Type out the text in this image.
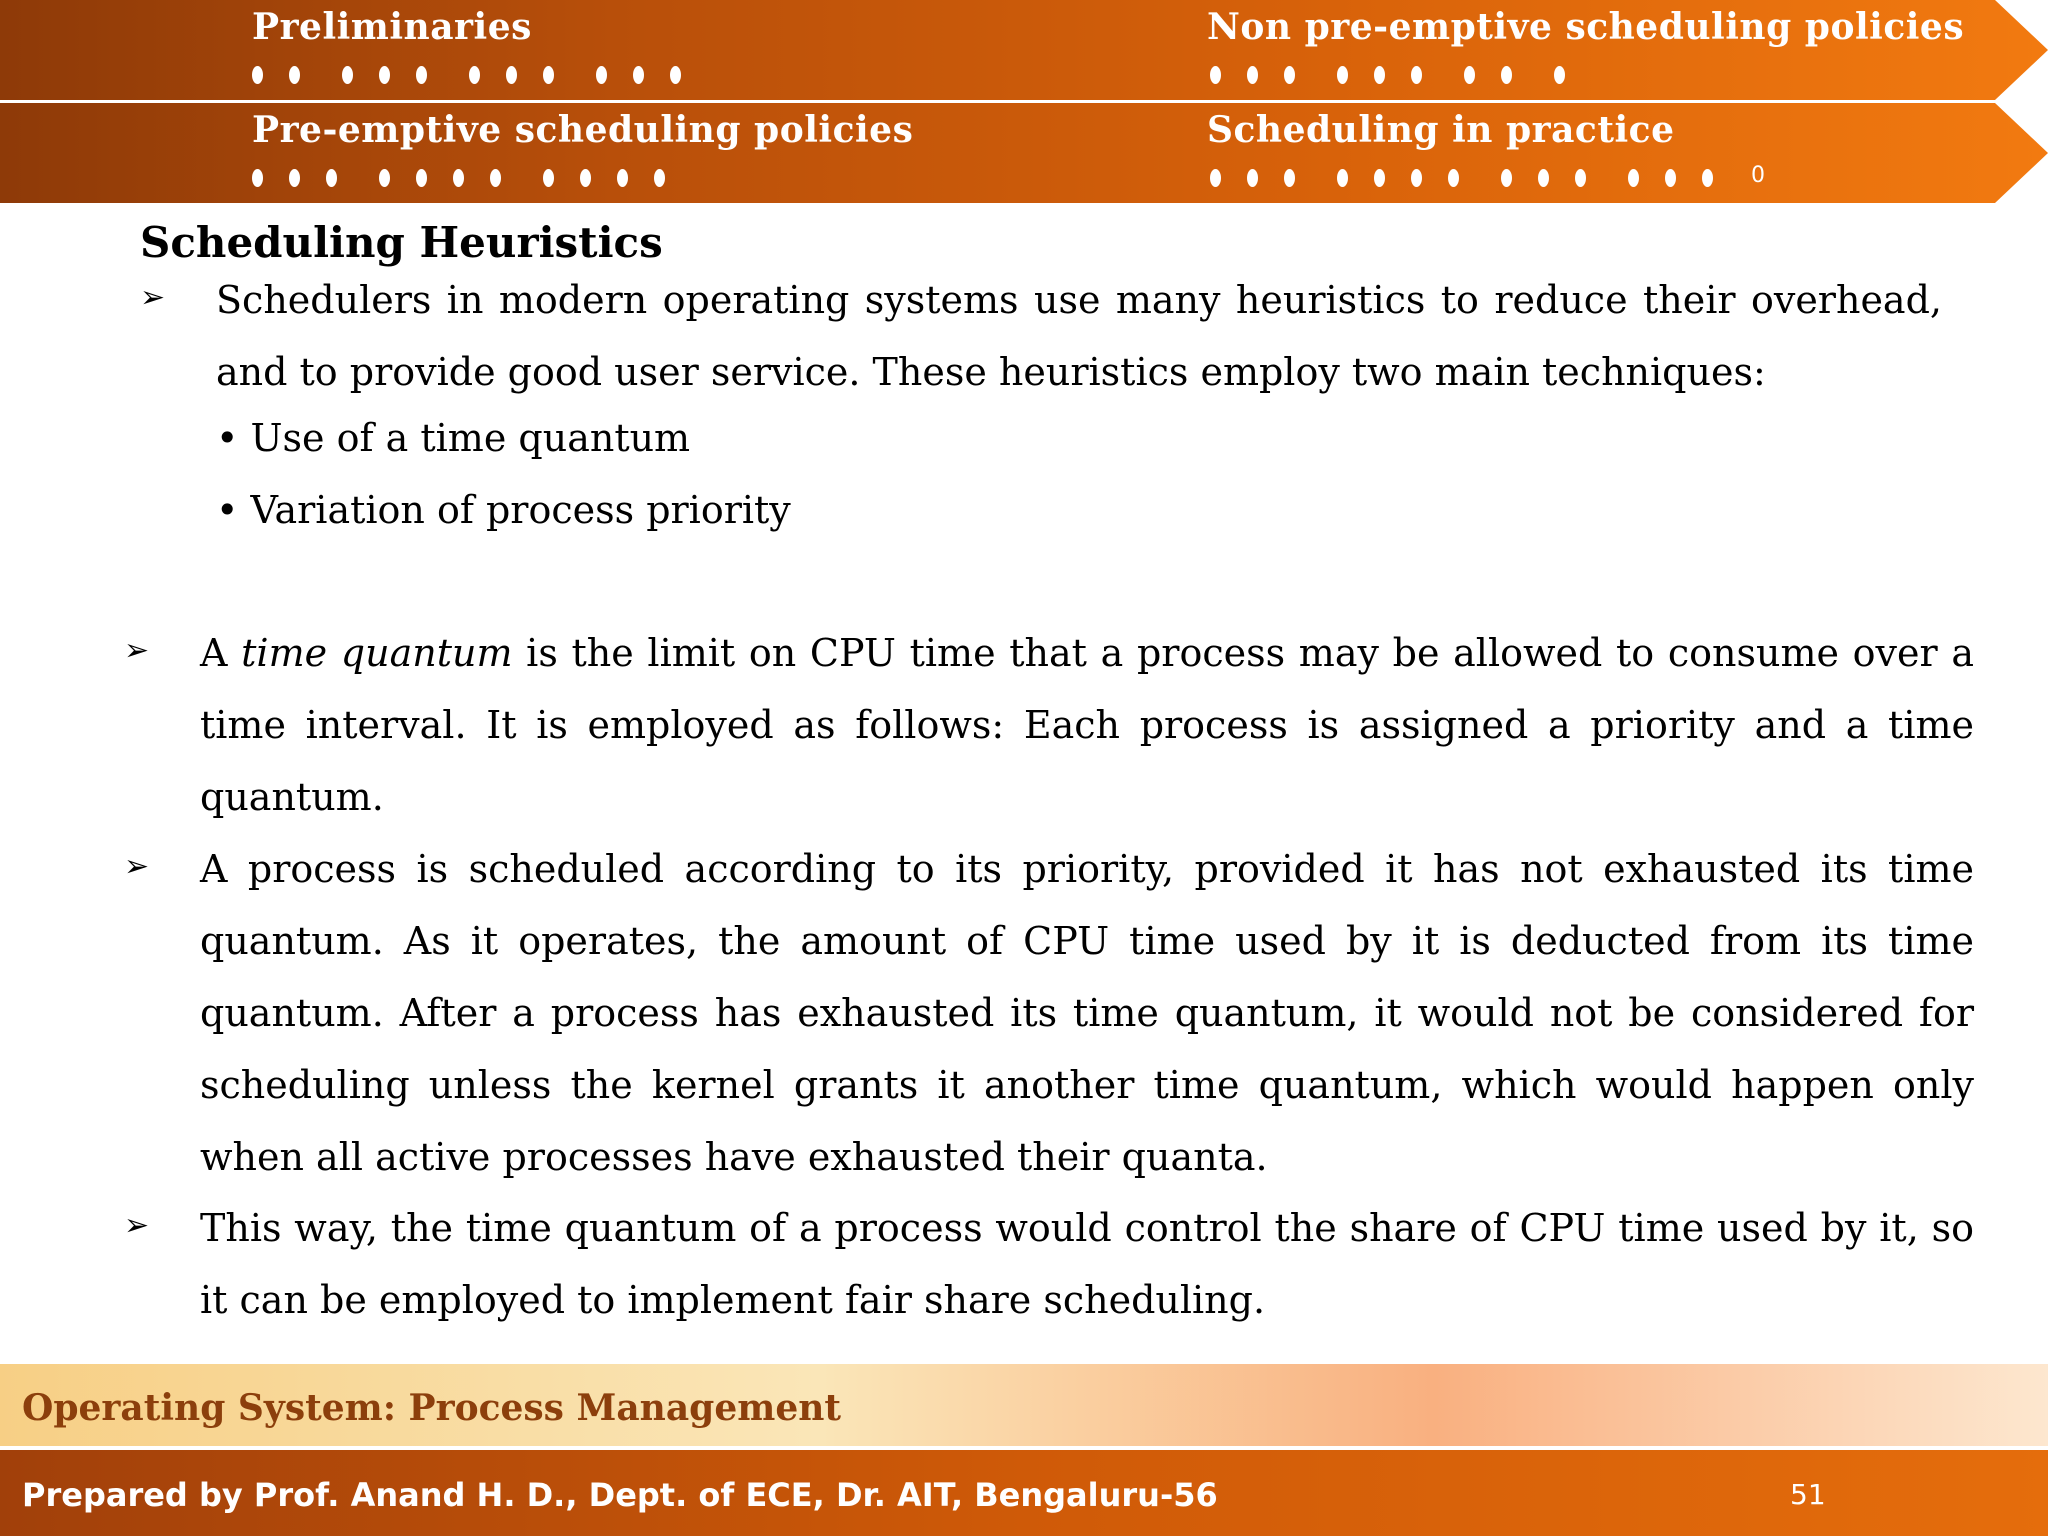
Preliminaries	Non pre-emptive scheduling policies
Pre-emptive scheduling policies	Scheduling in practice
0
Scheduling Heuristics
➢ Schedulers in modern operating systems use many heuristics to reduce their overhead, and to provide good user service. These heuristics employ two main techniques:

• Use of a time quantum
• Variation of process priority
➢ A time quantum is the limit on CPU time that a process may be allowed to consume over a time interval. It is employed as follows: Each process is assigned a priority and a time quantum.

➢ A process is scheduled according to its priority, provided it has not exhausted its time quantum. As it operates, the amount of CPU time used by it is deducted from its time quantum. After a process has exhausted its time quantum, it would not be considered for scheduling unless the kernel grants it another time quantum, which would happen only when all active processes have exhausted their quanta.

➢ This way, the time quantum of a process would control the share of CPU time used by it, so it can be employed to implement fair share scheduling.

Operating System: Process Management
Prepared by Prof. Anand H. D., Dept. of ECE, Dr. AIT, Bengaluru-56	51
